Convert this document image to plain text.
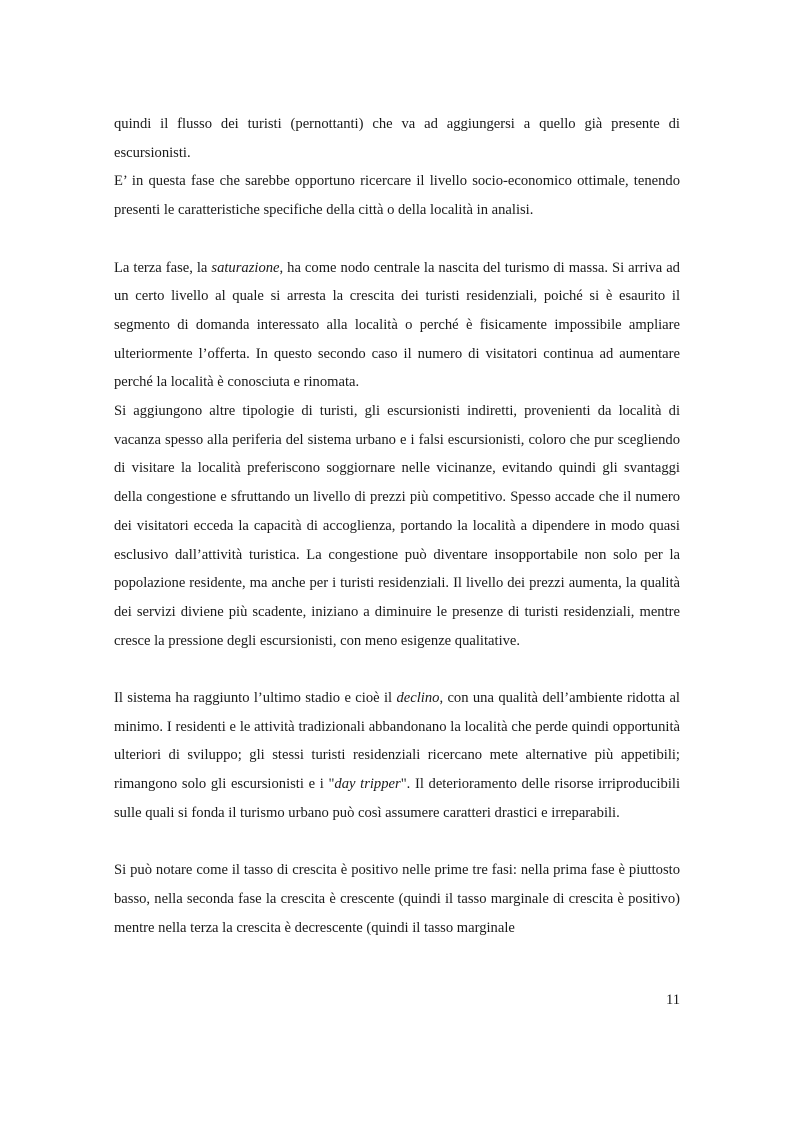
quindi il flusso dei turisti (pernottanti) che va ad aggiungersi a quello già presente di escursionisti.

E’ in questa fase che sarebbe opportuno ricercare il livello socio-economico ottimale, tenendo presenti le caratteristiche specifiche della città o della località in analisi.

La terza fase, la saturazione, ha come nodo centrale la nascita del turismo di massa. Si arriva ad un certo livello al quale si arresta la crescita dei turisti residenziali, poiché si è esaurito il segmento di domanda interessato alla località o perché è fisicamente impossibile ampliare ulteriormente l’offerta. In questo secondo caso il numero di visitatori continua ad aumentare perché la località è conosciuta e rinomata.

Si aggiungono altre tipologie di turisti, gli escursionisti indiretti, provenienti da località di vacanza spesso alla periferia del sistema urbano e i falsi escursionisti, coloro che pur scegliendo di visitare la località preferiscono soggiornare nelle vicinanze, evitando quindi gli svantaggi della congestione e sfruttando un livello di prezzi più competitivo. Spesso accade che il numero dei visitatori ecceda la capacità di accoglienza, portando la località a dipendere in modo quasi esclusivo dall’attività turistica. La congestione può diventare insopportabile non solo per la popolazione residente, ma anche per i turisti residenziali. Il livello dei prezzi aumenta, la qualità dei servizi diviene più scadente, iniziano a diminuire le presenze di turisti residenziali, mentre cresce la pressione degli escursionisti, con meno esigenze qualitative.

Il sistema ha raggiunto l’ultimo stadio e cioè il declino, con una qualità dell’ambiente ridotta al minimo. I residenti e le attività tradizionali abbandonano la località che perde quindi opportunità ulteriori di sviluppo; gli stessi turisti residenziali ricercano mete alternative più appetibili; rimangono solo gli escursionisti e i "day tripper". Il deterioramento delle risorse irriproducibili sulle quali si fonda il turismo urbano può così assumere caratteri drastici e irreparabili.

Si può notare come il tasso di crescita è positivo nelle prime tre fasi: nella prima fase è piuttosto basso, nella seconda fase la crescita è crescente (quindi il tasso marginale di crescita è positivo) mentre nella terza la crescita è decrescente (quindi il tasso marginale

11
